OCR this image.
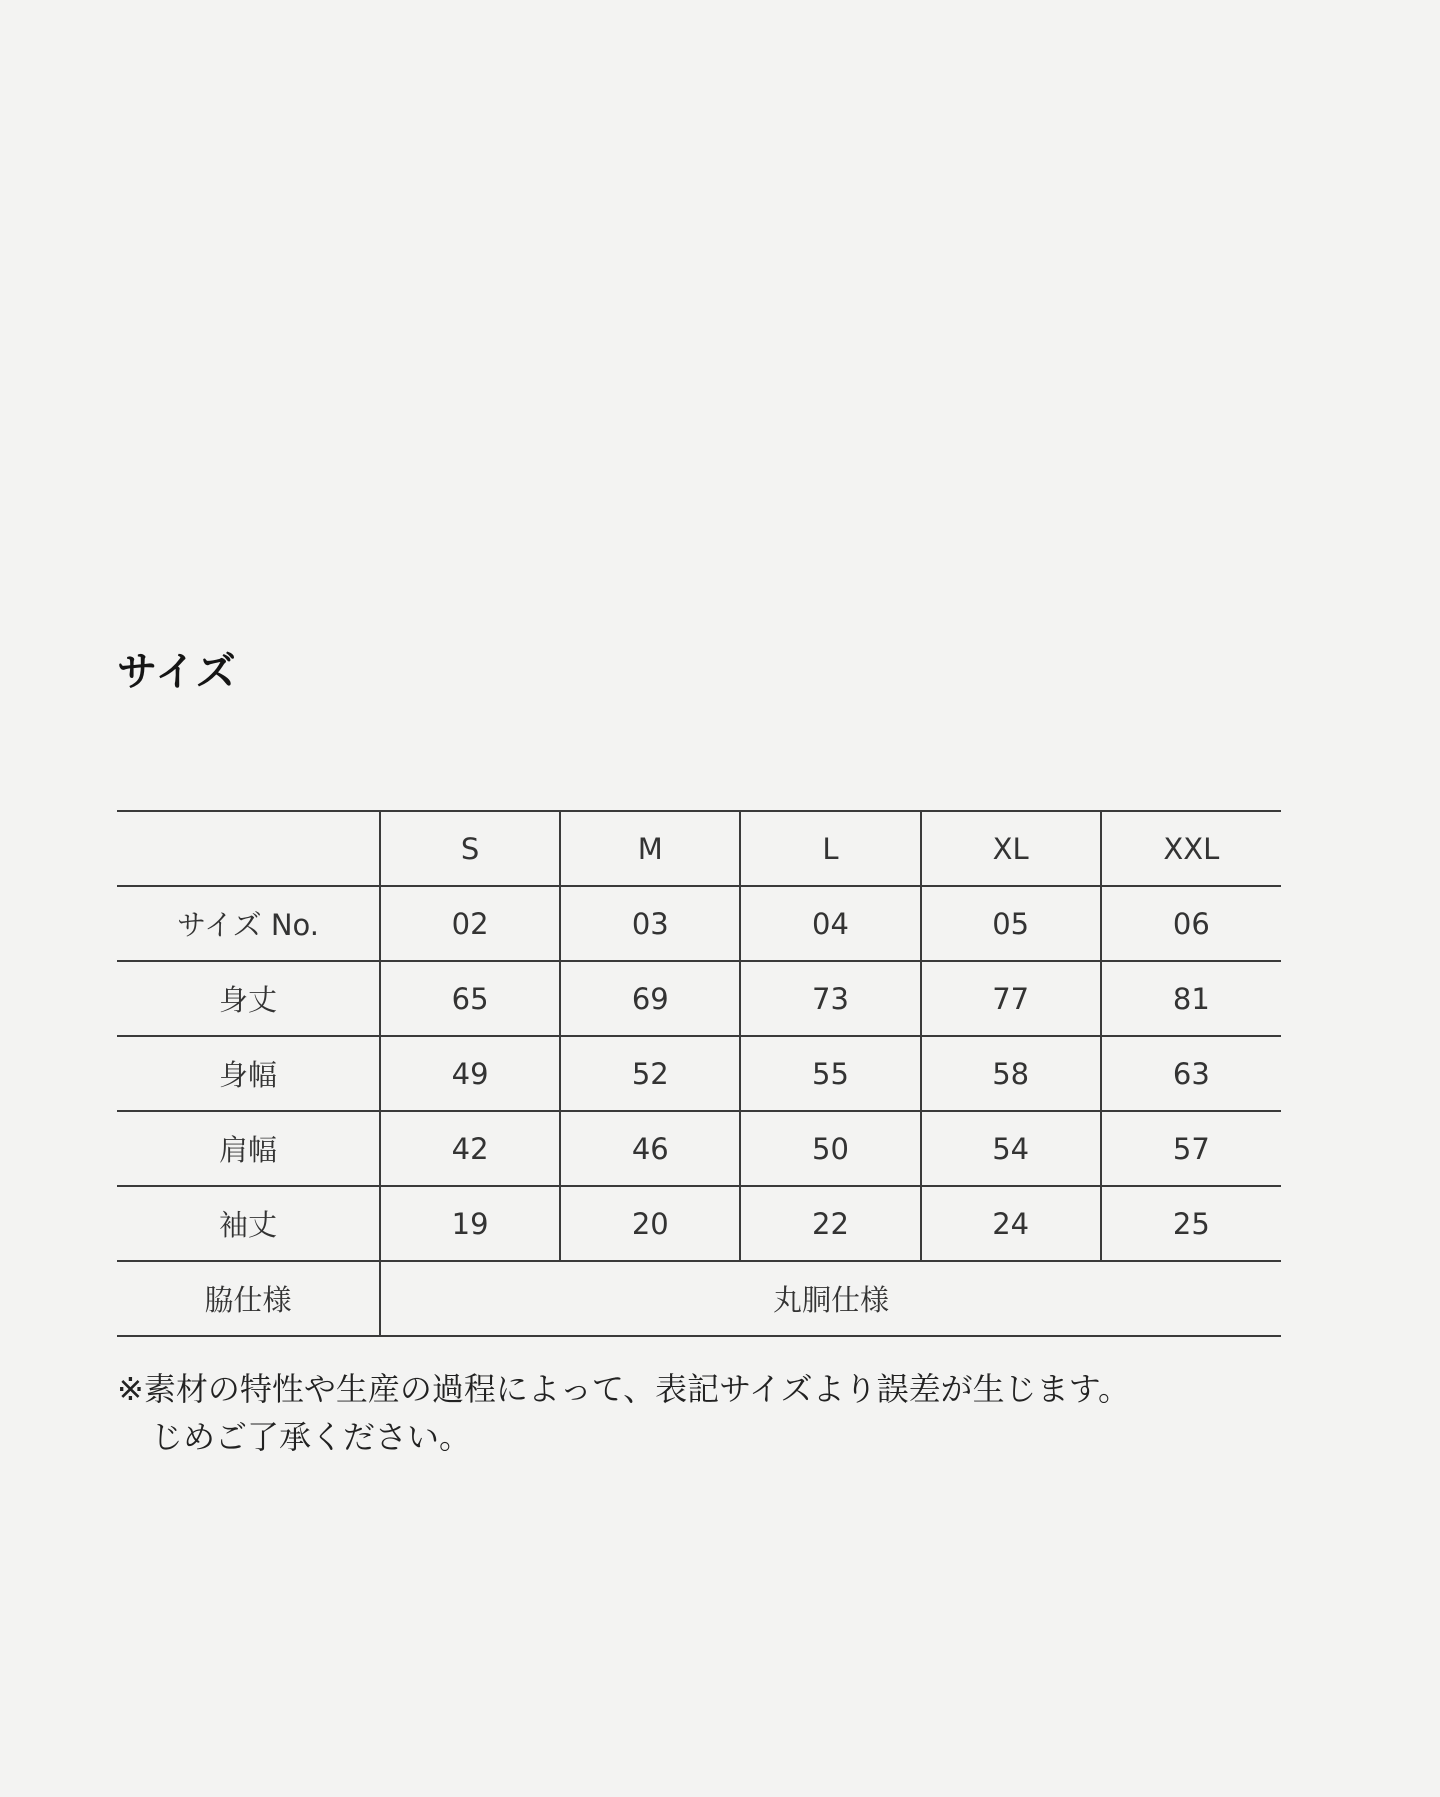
サイズ
	S	M	L	XL	XXL
サイズ No.	02	03	04	05	06
身丈	65	69	73	77	81
身幅	49	52	55	58	63
肩幅	42	46	50	54	57
袖丈	19	20	22	24	25
脇仕様	丸胴仕様				

※素材の特性や生産の過程によって、表記サイズより誤差が生じます。
じめご了承ください。
